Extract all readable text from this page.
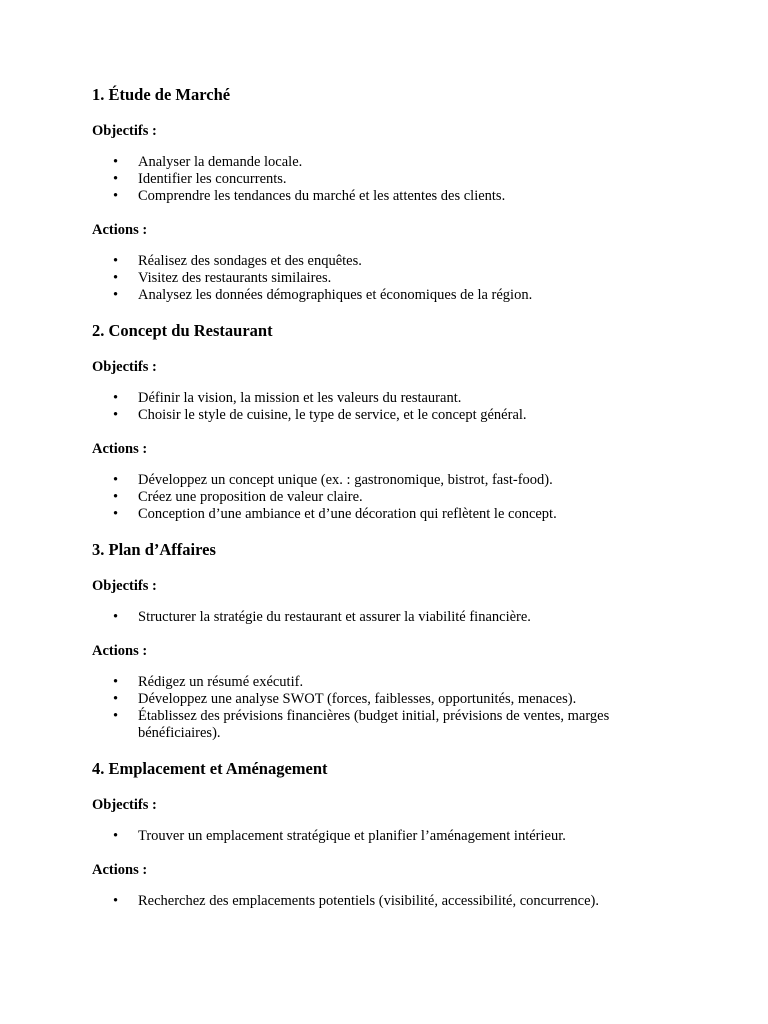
1. Étude de Marché
Objectifs :
• Analyser la demande locale.
• Identifier les concurrents.
• Comprendre les tendances du marché et les attentes des clients.
Actions :
• Réalisez des sondages et des enquêtes.
• Visitez des restaurants similaires.
• Analysez les données démographiques et économiques de la région.
2. Concept du Restaurant
Objectifs :
• Définir la vision, la mission et les valeurs du restaurant.
• Choisir le style de cuisine, le type de service, et le concept général.
Actions :
• Développez un concept unique (ex. : gastronomique, bistrot, fast-food).
• Créez une proposition de valeur claire.
• Conception d’une ambiance et d’une décoration qui reflètent le concept.
3. Plan d’Affaires
Objectifs :
• Structurer la stratégie du restaurant et assurer la viabilité financière.
Actions :
• Rédigez un résumé exécutif.
• Développez une analyse SWOT (forces, faiblesses, opportunités, menaces).
• Établissez des prévisions financières (budget initial, prévisions de ventes, marges bénéficiaires).
4. Emplacement et Aménagement
Objectifs :
• Trouver un emplacement stratégique et planifier l’aménagement intérieur.
Actions :
• Recherchez des emplacements potentiels (visibilité, accessibilité, concurrence).
